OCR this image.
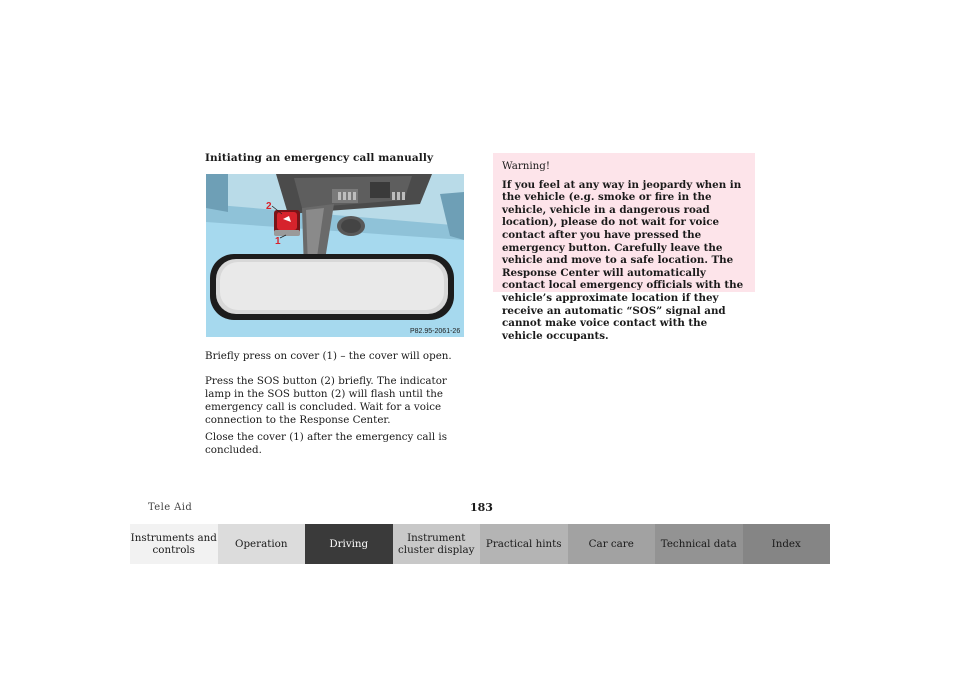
Initiating an emergency call manually
2
1
P82.95-2061-26

Briefly press on cover (1) – the cover will open.

Press the SOS button (2) briefly. The indicator lamp in the SOS button (2) will flash until the emergency call is concluded. Wait for a voice connection to the Response Center.

Close the cover (1) after the emergency call is concluded.

Warning!
If you feel at any way in jeopardy when in the vehicle (e.g. smoke or fire in the vehicle, vehicle in a dangerous road location), please do not wait for voice contact after you have pressed the emergency button. Carefully leave the vehicle and move to a safe location. The Response Center will automatically contact local emergency officials with the vehicle’s approximate location if they receive an automatic “SOS” signal and cannot make voice contact with the vehicle occupants.
Tele Aid	183
Instruments and controls
Operation	Driving
Instrument cluster display
Practical hints	Car care	Technical data	Index
